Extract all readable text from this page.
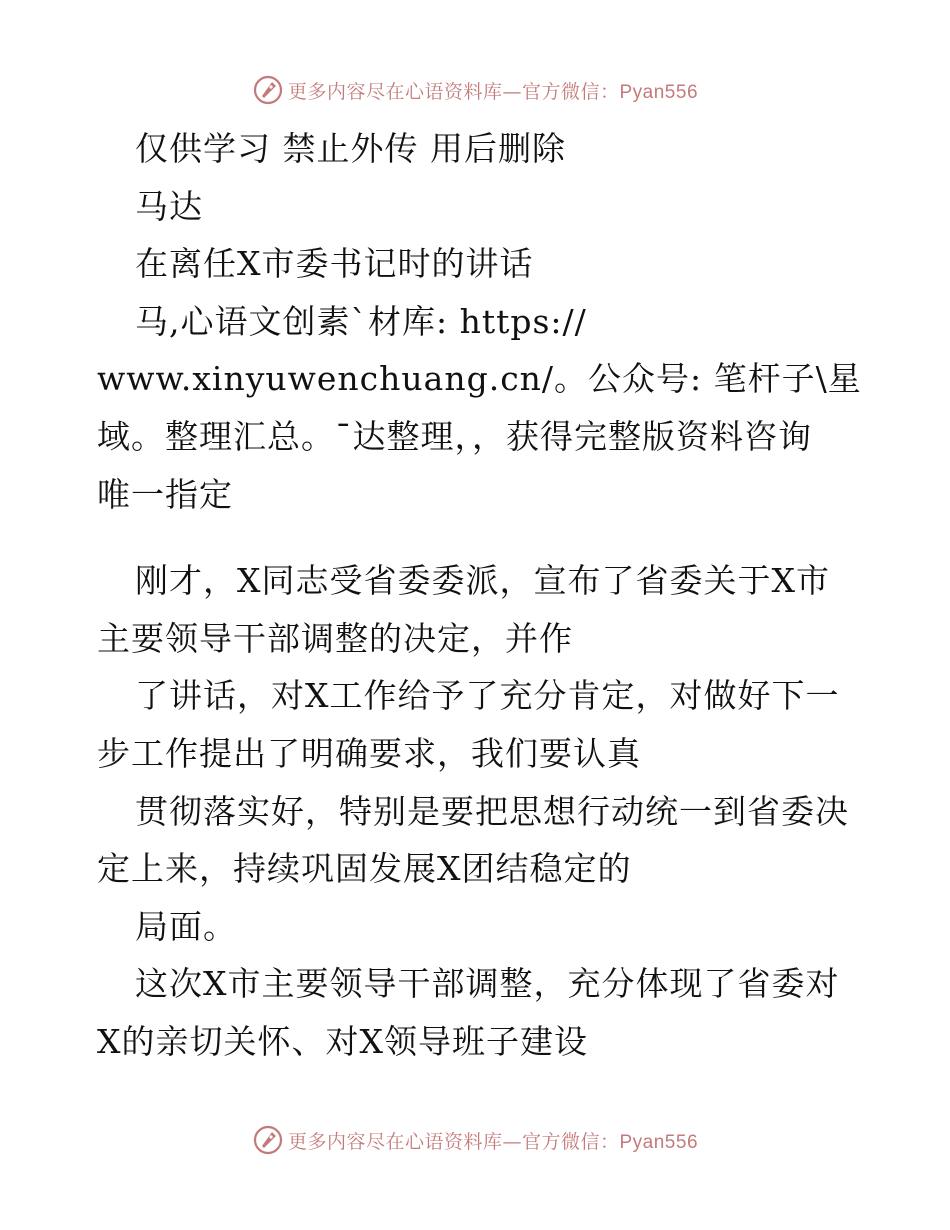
更多内容尽在心语资料库—官方微信：Pyan556
仅供学习 禁止外传 用后删除
马达
在离任X市委书记时的讲话
马,心语文创素`材库: https://
www.xinyuwenchuang.cn/。公众号: 笔杆子\星
域。整理汇总。¯达整理，，获得完整版资料咨询
唯一指定
刚才，X同志受省委委派，宣布了省委关于X市
主要领导干部调整的决定，并作
了讲话，对X工作给予了充分肯定，对做好下一
步工作提出了明确要求，我们要认真
贯彻落实好，特别是要把思想行动统一到省委决
定上来，持续巩固发展X团结稳定的
局面。
这次X市主要领导干部调整，充分体现了省委对
X的亲切关怀、对X领导班子建设
更多内容尽在心语资料库—官方微信：Pyan556
